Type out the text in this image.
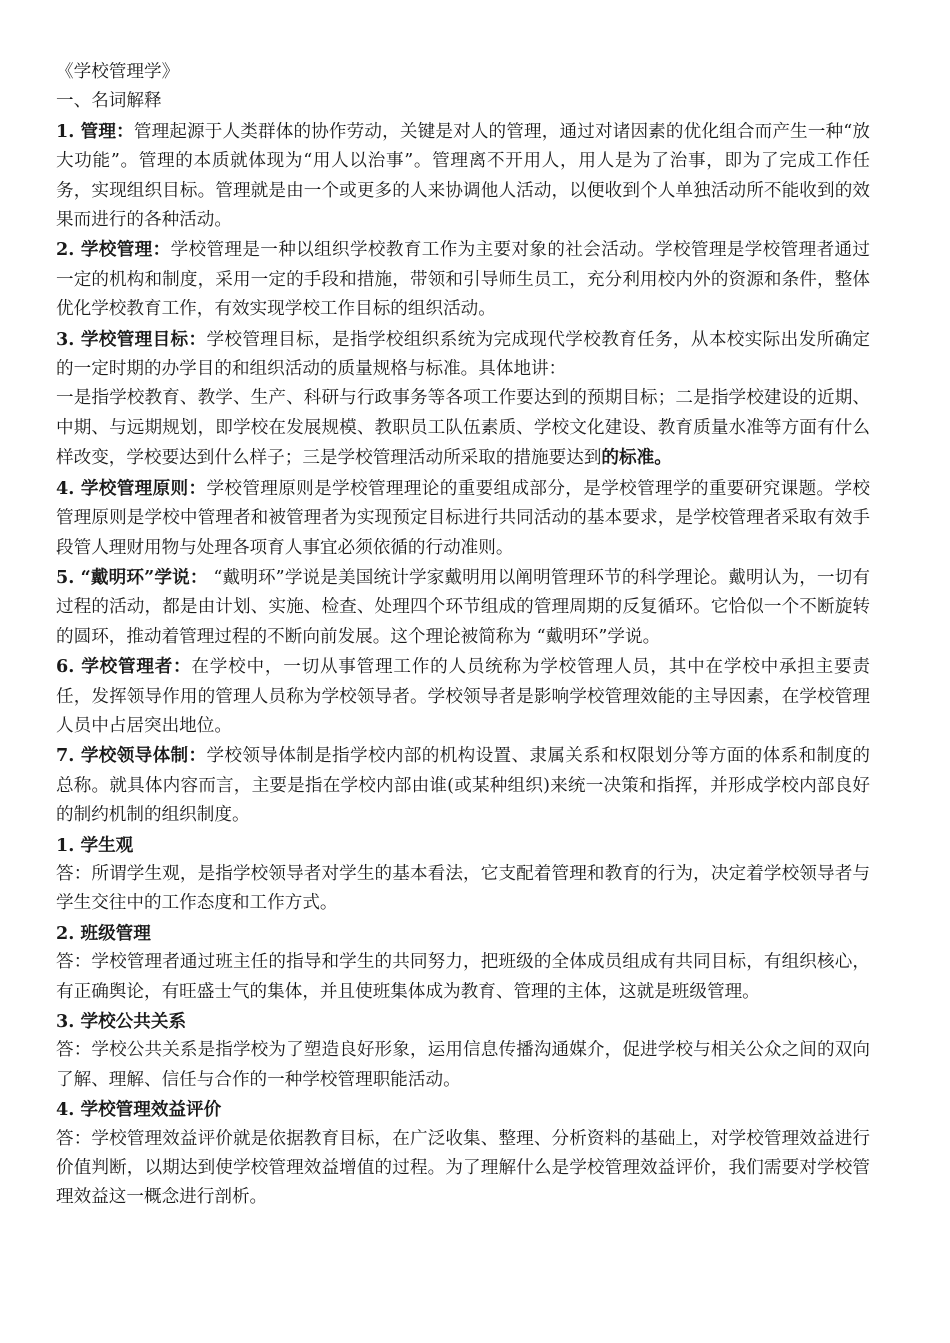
《学校管理学》

一、名词解释

1. 管理：管理起源于人类群体的协作劳动，关键是对人的管理，通过对诸因素的优化组合而产生一种“放大功能”。管理的本质就体现为“用人以治事”。管理离不开用人，用人是为了治事，即为了完成工作任务，实现组织目标。管理就是由一个或更多的人来协调他人活动，以便收到个人单独活动所不能收到的效果而进行的各种活动。

2. 学校管理：学校管理是一种以组织学校教育工作为主要对象的社会活动。学校管理是学校管理者通过一定的机构和制度，采用一定的手段和措施，带领和引导师生员工，充分利用校内外的资源和条件，整体优化学校教育工作，有效实现学校工作目标的组织活动。

3. 学校管理目标：学校管理目标，是指学校组织系统为完成现代学校教育任务，从本校实际出发所确定的一定时期的办学目的和组织活动的质量规格与标准。具体地讲：

一是指学校教育、教学、生产、科研与行政事务等各项工作要达到的预期目标；二是指学校建设的近期、中期、与远期规划，即学校在发展规模、教职员工队伍素质、学校文化建设、教育质量水准等方面有什么样改变，学校要达到什么样子；三是学校管理活动所采取的措施要达到的标准。

4. 学校管理原则：学校管理原则是学校管理理论的重要组成部分，是学校管理学的重要研究课题。学校管理原则是学校中管理者和被管理者为实现预定目标进行共同活动的基本要求，是学校管理者采取有效手段管人理财用物与处理各项育人事宜必须依循的行动准则。

5. “戴明环”学说： “戴明环”学说是美国统计学家戴明用以阐明管理环节的科学理论。戴明认为，一切有过程的活动，都是由计划、实施、检查、处理四个环节组成的管理周期的反复循环。它恰似一个不断旋转的圆环，推动着管理过程的不断向前发展。这个理论被简称为 “戴明环”学说。

6. 学校管理者：在学校中，一切从事管理工作的人员统称为学校管理人员，其中在学校中承担主要责任，发挥领导作用的管理人员称为学校领导者。学校领导者是影响学校管理效能的主导因素，在学校管理人员中占居突出地位。

7. 学校领导体制：学校领导体制是指学校内部的机构设置、隶属关系和权限划分等方面的体系和制度的总称。就具体内容而言，主要是指在学校内部由谁(或某种组织)来统一决策和指挥，并形成学校内部良好的制约机制的组织制度。

1. 学生观

答：所谓学生观，是指学校领导者对学生的基本看法，它支配着管理和教育的行为，决定着学校领导者与学生交往中的工作态度和工作方式。

2. 班级管理

答：学校管理者通过班主任的指导和学生的共同努力，把班级的全体成员组成有共同目标，有组织核心，有正确舆论，有旺盛士气的集体，并且使班集体成为教育、管理的主体，这就是班级管理。

3. 学校公共关系

答：学校公共关系是指学校为了塑造良好形象，运用信息传播沟通媒介，促进学校与相关公众之间的双向了解、理解、信任与合作的一种学校管理职能活动。

4. 学校管理效益评价

答：学校管理效益评价就是依据教育目标，在广泛收集、整理、分析资料的基础上，对学校管理效益进行价值判断，以期达到使学校管理效益增值的过程。为了理解什么是学校管理效益评价，我们需要对学校管理效益这一概念进行剖析。
